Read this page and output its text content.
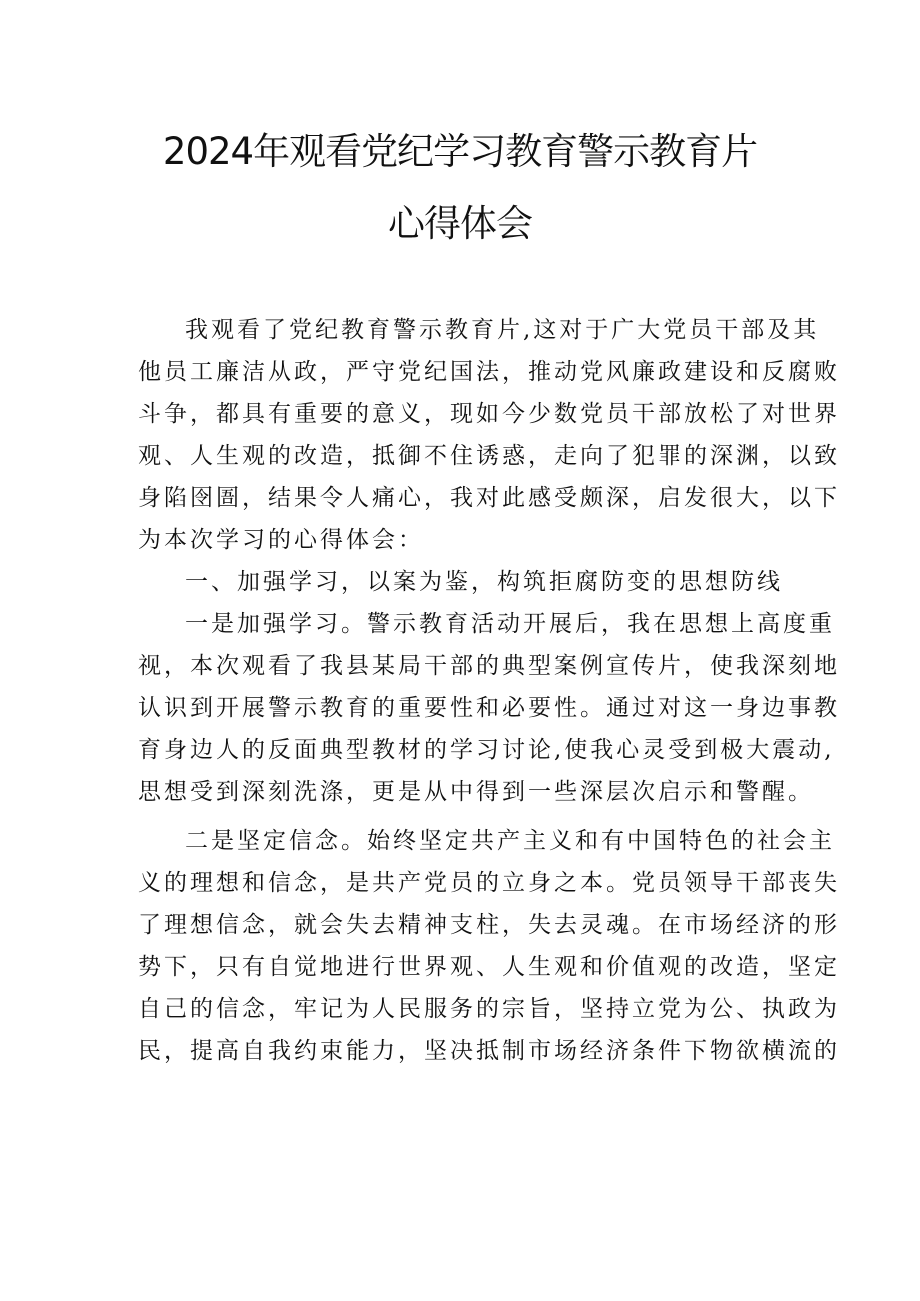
2024年观看党纪学习教育警示教育片
心得体会
我观看了党纪教育警示教育片,这对于广大党员干部及其
他员工廉洁从政，严守党纪国法，推动党风廉政建设和反腐败
斗争，都具有重要的意义，现如今少数党员干部放松了对世界
观、人生观的改造，抵御不住诱惑，走向了犯罪的深渊，以致
身陷囹圄，结果令人痛心，我对此感受颇深，启发很大，以下
为本次学习的心得体会：
一、加强学习，以案为鉴，构筑拒腐防变的思想防线
一是加强学习。警示教育活动开展后，我在思想上高度重
视，本次观看了我县某局干部的典型案例宣传片，使我深刻地
认识到开展警示教育的重要性和必要性。通过对这一身边事教
育身边人的反面典型教材的学习讨论,使我心灵受到极大震动,
思想受到深刻洗涤，更是从中得到一些深层次启示和警醒。
二是坚定信念。始终坚定共产主义和有中国特色的社会主
义的理想和信念，是共产党员的立身之本。党员领导干部丧失
了理想信念，就会失去精神支柱，失去灵魂。在市场经济的形
势下，只有自觉地进行世界观、人生观和价值观的改造，坚定
自己的信念，牢记为人民服务的宗旨，坚持立党为公、执政为
民，提高自我约束能力，坚决抵制市场经济条件下物欲横流的
